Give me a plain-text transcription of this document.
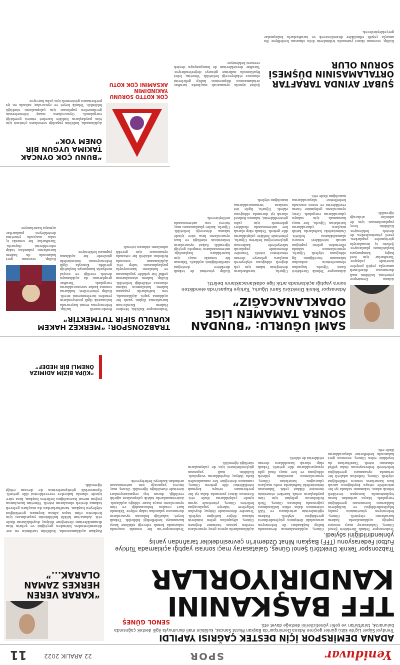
Yeniduvar
SPOR
22 ARALIK 2022
11
ADANA DEMİRSPOR İÇİN DESTEK ÇAĞRISI YAPILDI
Trendyol Süper Lig'de kötü günler geçiren Adana Demirspor'da Başkan Murat Sancak, kulübün mali durumuyla ilgili destek çağrısında bulunarak, taraftarları ve şehir yöneticilerini desteğe davet etti.
TFF BAŞKANINI KANDIRIYORLAR
SENOL GÜNEŞ
Trabzonspor Teknik Direktörü Şenol Güneş, Galatasaray maçı sonrası yaptığı açıklamada Türkiye Futbol Federasyonu (TFF) Başkanı Nihat Özdemir'in çevresindekiler tarafından yanlış yönlendirildiğini söyledi.
“KARAR VEREN HERKES ZAMAN OLARAK...”
Trabzonspor Teknik Direktörü Şenol Güneş, Galatasaray maçı sonrası yaptığı açıklamalarda hakem kararlarını eleştirdi. Güneş, federasyon yönetiminin yanlış bilgilendirildiğini ve kulüplerin haklarının korunması gerektiğini vurguladı. Maçın ardından basın toplantısında konuşan tecrübeli teknik adam, takımının sahada iyi bir mücadele ortaya koyduğunu ancak bazı kararların sonucu etkilediğini söyledi. Güneş, futbolun adaletli bir ortamda oynanması gerektiğini belirterek federasyonun daha şeffaf olmasını istedi. Taraftarlara da teşekkür eden Güneş, sezonun geri kalanında hedeflerine ulaşacaklarını ifade etti.
Güneş, açıklamalarının devamında kulüp başkanları ile federasyon arasındaki iletişimin güçlendirilmesi gerektiğini söyledi. Hakem eğitimlerinin artırılması ve VAR sisteminin daha etkin kullanılması çağrısında bulunan Güneş, Türk futbolunun gelişimi için tüm paydaşların ortak hareket etmesinin önemine dikkat çekti. Takımının önümüzdeki haftalarda zorlu maçlara çıkacağını hatırlatan Güneş, oyuncularının moralinin yüksek olduğunu ve her maçı final gibi oynayacaklarını dile getirdi. Teknik ekip olarak hazırlıklara devam ettiklerini de ekledi.
Açıklamalarda ayrıca genç oyunculara verilen şansın önemine değinen Güneş, altyapıdan gelen isimlerin takıma değer kattığını söyledi. Transfer döneminde ihtiyaç duyulan bölgelere takviye yapılacağını belirten Güneş, yönetimle uyum içinde çalıştıklarını ifade etti. Sezonun ikinci yarısında daha iyi bir performans ortaya koymak istediklerini dile getiren Güneş, camianın desteğine her zamankinden fazla ihtiyaç duyduklarını vurguladı. Kulübün mali yapısının güçlendirilmesi için de çalışmaların sürdüğü öğrenildi.
Trabzonspor'un bir sonraki maçında sahasında konuk edeceği rakibine karşı kazanmayı hedeflediği bildirildi. Teknik heyet, sakatlığı bulunan oyuncuların durumunu yakından takip ediyor. Takımda kart cezalısı bulunmadığı ve tüm oyuncuların maça hazır olduğu açıklandı. Antrenmanlarda taktik çalışmalara ağırlık verildiği, duran top organizasyonları üzerinde durulduğu öğrenildi. Güneş, maç öncesi yapacağı son antrenmanın ardından kadroyu belirleyecek.
Başkan açıklamasında, kulübün tarihinin en zor dönemlerinden birinden geçtiğini ve şehrin tüm dinamiklerinin desteğine ihtiyaç duyduklarını ifade etti. Adana'nın köklü kulübünün yaşatılması için herkesin elini taşın altına koyması gerektiğini söyleyen başkan, taraftarlardan da maçlara gelerek takıma destek olmalarını istedi. Yönetim kurulunun yoğun mesai harcadığını belirten başkan, kısa süre içinde olumlu haberler vereceklerini dile getirdi. Sponsorluk görüşmelerinin de devam ettiği öğrenildi.
“KÜPA BİZİM ADIMIZA ÖNEMLİ BİR HEDEF”
TRABZONSPOR: “MERKEZ HAKEM KURULU SİFİR TUTMEKTİR”
Trabzonspor Kulübü, Merkez Hakem Kurulu'nun kararlarına ilişkin yazılı bir açıklama yaptı. Açıklamada, son haftalarda yaşanan hakem hatalarının takımı olumsuz etkilediği belirtildi. Kulüp, hakem atamalarının şeffaf bir şekilde yapılmasını ve hataların kamuoyuyla paylaşılmasını talep etti. Açıklamanın sonunda futbolun adaletli bir ortamda oynanması için gerekli adımların atılması istendi.
Bordo-mavili kulüp, federasyona resmi başvuruda bulunarak ilgili pozisyonların yeniden incelenmesini istedi. Kulüp yöneticileri, haklarını sonuna kadar savunacaklarını vurguladı. Taraftar gruplarının da açıklamaya destek verdiği ve sosyal medyada kampanya başlattığı görüldü. Konuyla ilgili federasyonun önümüzdeki günlerde bir açıklama yapması bekleniyor.
Kulüp, sezonun geri kalanında da hakem kararlarını yakından takip edeceklerini duyurdu. Taraftarlar, bir sonraki iç saha maçında yönetimi destekleyen pankartlar açmaya hazırlanıyor.
SAMİ UĞURLU: “BUNDAN SONRA TAMAMEN LİGE ODAKLANACAĞIZ”
Adanaspor Teknik Direktörü Sami Uğurlu, Türkiye Kupası'nda elendikten sonra yaptığı açıklamada artık lige odaklanacaklarını belirtti.
Adanaspor Teknik Direktörü Sami Uğurlu, kupadan elenmelerinin ardından takımının önceliğinin lig olduğunu söyledi. Uğurlu, oyuncularının sahada ellerinden geleni yaptığını ancak istedikleri sonucu alamadıklarını belirtti. Önümüzdeki haftalarda kritik maçlara çıkacaklarını hatırlatan Uğurlu, her maçı kazanmak için sahaya çıkacaklarını vurguladı. Genç oyuncuların gelişimine önem verdiklerini ve sezon sonunda hedeflerine ulaşacaklarına inandığını ifade etti.
Uğurlu, taraftarların desteğinin takım için çok değerli olduğunu söyleyerek maçlara gelmeye devam etmelerini istedi. Transfer döneminde yapılacak takviyelerle kadronun güçleneceğini belirten Uğurlu, yönetimle birlikte çalıştıklarını dile getirdi. Teknik ekip olarak her antrenmanda eksikleri gidermek için çaba gösterdiklerini, takımın fiziksel olarak iyi durumda olduğunu ekledi. Uğurlu, ligde üst sıralara tırmanacaklarına inandığını söyledi.
Kulüp yönetimi de teknik direktöre desteğini sürdürdüğünü açıkladı. Takımın bir sonraki maçı için hazırlıklara başlandığı, antrenmanların tempolu geçtiği öğrenildi. Sakat oyuncuların tedavisinin sürdüğü ve bazı oyuncuların kısa süre içinde takıma döneceği belirtildi. Uğurlu, kadro planlamasını maç öncesi son antrenmanda netleştirecek.
Adana Demirspor yönetimi, kulübün mali durumunu düzeltmek amacıyla çeşitli projeler üzerinde çalışıyor. Taraftarlar için özel bağış kampanyası başlatılması planlanıyor. Şehrin iş insanlarıyla görüşmeler yapılırken, yerel yönetimlerden de destek bekleniyor. Kulübün borç yapılandırması için de adımlar atılacağı öğrenildi.
“BUNU ÇOK OYNCAK TAKIMA UYGUN BİR ÖNEM YOK”
Açıklamada, kulübün yaşadığı sorunların çözümü için tüm paydaşların birlikte hareket etmesi gerektiği vurgulandı. Oyuncuların maaş ödemelerinin gecikmeden yapılması için çalışmaların sürdüğü bildirildi. Teknik heyet ve oyuncular, sahada en iyi performansı göstermek için çaba harcıyor.
ÇOK KOTTO SORUNU YAKINDIMIN AKSAMINI ÇOK KOTU	ŞUBAT AYINDA TARAFTAR ORTALAMASININ DÜŞMESİ SORUN OLUR
Şubat ayında oynanacak maçlarda taraftar ortalamasının düşmesinin kulüp gelirlerini olumsuz etkileyeceği belirtildi. Yönetim, bilet fiyatlarında indirime gitmeyi değerlendiriyor. Taraftar derneklerinin de kampanyaya destek vermesi bekleniyor.
Kulüp, sezonun ikinci yarısında tribünlerin dolu olmasını hedefliyor. Bu amaçla çeşitli etkinlikler düzenlenecek ve taraftarlarla buluşmalar gerçekleştirilecek.
